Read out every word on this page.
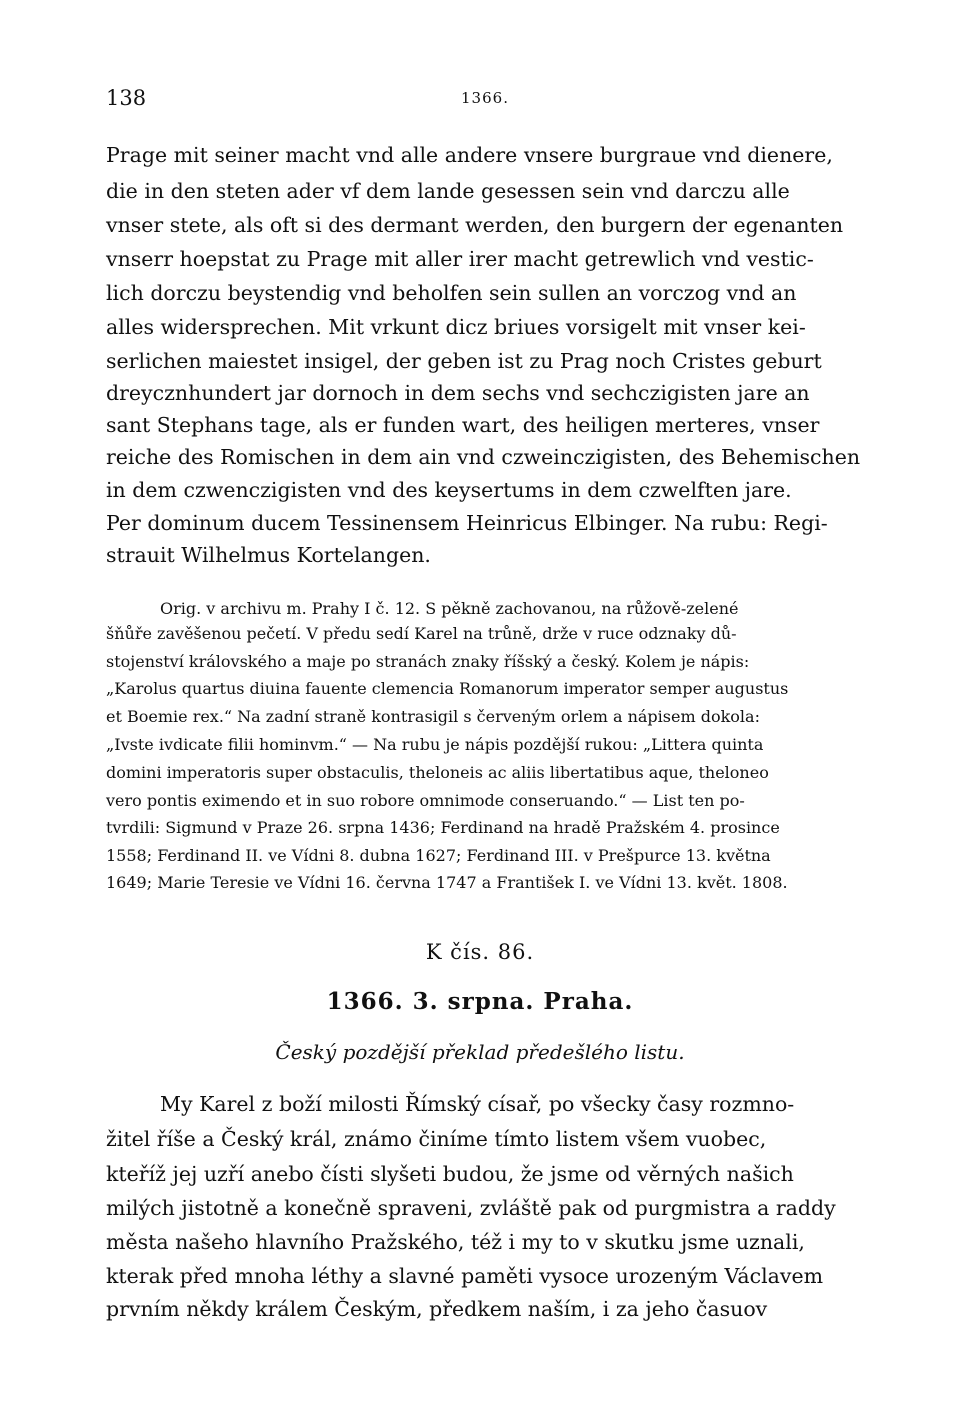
138	1366.
Prage mit seiner macht vnd alle andere vnsere burgraue vnd dienere,
die in den steten ader vf dem lande gesessen sein vnd darczu alle
vnser stete, als oft si des dermant werden, den burgern der egenanten
vnserr hoepstat zu Prage mit aller irer macht getrewlich vnd vestic-
lich dorczu beystendig vnd beholfen sein sullen an vorczog vnd an
alles widersprechen. Mit vrkunt dicz briues vorsigelt mit vnser kei-
serlichen maiestet insigel, der geben ist zu Prag noch Cristes geburt
dreycznhundert jar dornoch in dem sechs vnd sechczigisten jare an
sant Stephans tage, als er funden wart, des heiligen merteres, vnser
reiche des Romischen in dem ain vnd czweinczigisten, des Behemischen
in dem czwenczigisten vnd des keysertums in dem czwelften jare.
Per dominum ducem Tessinensem Heinricus Elbinger. Na rubu: Regi-
strauit Wilhelmus Kortelangen.
Orig. v archivu m. Prahy I č. 12. S pěkně zachovanou, na růžově-zelené
šňůře zavěšenou pečetí. V předu sedí Karel na trůně, drže v ruce odznaky dů-
stojenství královského a maje po stranách znaky říšský a český. Kolem je nápis:
„Karolus quartus diuina fauente clemencia Romanorum imperator semper augustus
et Boemie rex.“ Na zadní straně kontrasigil s červeným orlem a nápisem dokola:
„Ivste ivdicate filii hominvm.“ — Na rubu je nápis pozdější rukou: „Littera quinta
domini imperatoris super obstaculis, theloneis ac aliis libertatibus aque, theloneo
vero pontis eximendo et in suo robore omnimode conseruando.“ — List ten po-
tvrdili: Sigmund v Praze 26. srpna 1436; Ferdinand na hradě Pražském 4. prosince
1558; Ferdinand II. ve Vídni 8. dubna 1627; Ferdinand III. v Prešpurce 13. května
1649; Marie Teresie ve Vídni 16. června 1747 a František I. ve Vídni 13. květ. 1808.
K čís. 86.
1366. 3. srpna. Praha.
Český pozdější překlad předešlého listu.
My Karel z boží milosti Římský císař, po všecky časy rozmno-
žitel říše a Český král, známo činíme tímto listem všem vuobec,
kteříž jej uzří anebo čísti slyšeti budou, že jsme od věrných našich
milých jistotně a konečně spraveni, zvláště pak od purgmistra a raddy
města našeho hlavního Pražského, též i my to v skutku jsme uznali,
kterak před mnoha léthy a slavné paměti vysoce urozeným Václavem
prvním někdy králem Českým, předkem naším, i za jeho časuov
